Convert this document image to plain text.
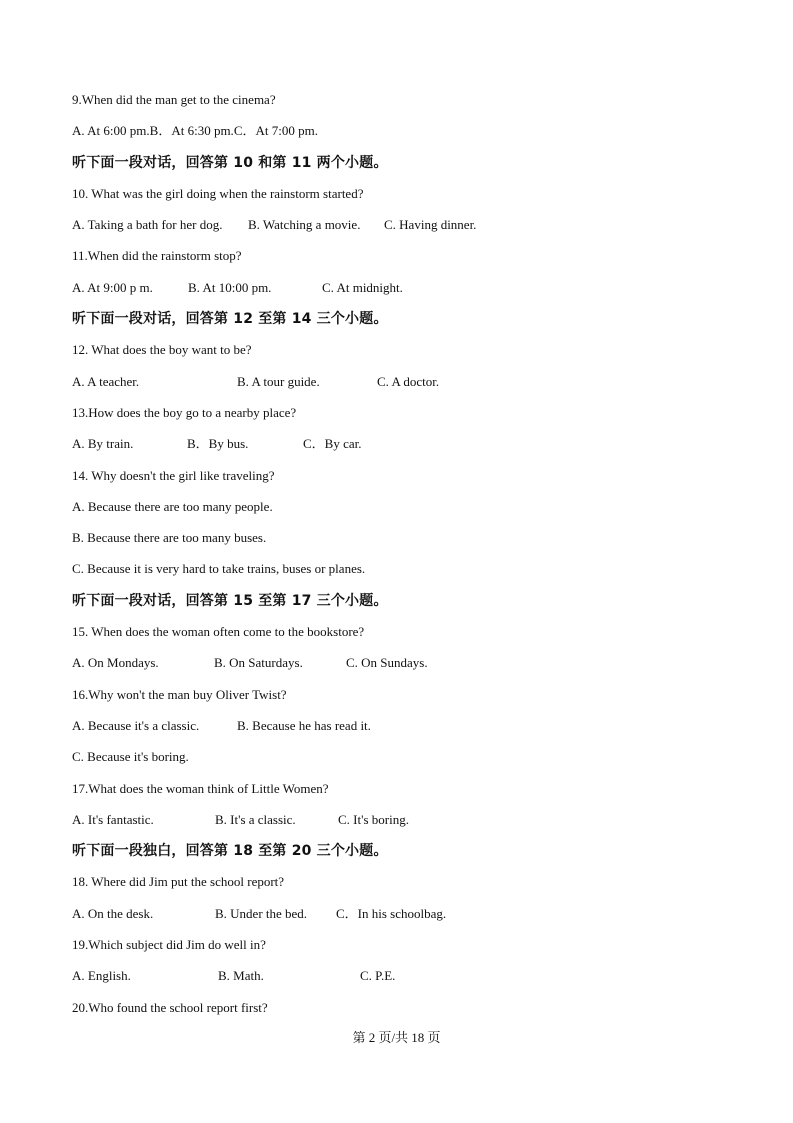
9.When did the man get to the cinema?
A. At 6:00 pm. B．At 6:30 pm. C．At 7:00 pm.
听下面一段对话，回答第 10 和第 11 两个小题。
10. What was the girl doing when the rainstorm started?
A. Taking a bath for her dog.	B. Watching a movie.	C. Having dinner.
11.When did the rainstorm stop?
A. At 9:00 p m.	B. At 10:00 pm.	C. At midnight.
听下面一段对话，回答第 12 至第 14 三个小题。
12. What does the boy want to be?
A. A teacher.	B. A tour guide.	C. A doctor.
13.How does the boy go to a nearby place?
A. By train.	B．By bus.	C．By car.
14. Why doesn't the girl like traveling?
A. Because there are too many people.
B. Because there are too many buses.
C. Because it is very hard to take trains, buses or planes.
听下面一段对话，回答第 15 至第 17 三个小题。
15. When does the woman often come to the bookstore?
A. On Mondays.	B. On Saturdays.	C. On Sundays.
16.Why won't the man buy Oliver Twist?
A. Because it's a classic.	B. Because he has read it.
C. Because it's boring.
17.What does the woman think of Little Women?
A. It's fantastic.	B. It's a classic.	C. It's boring.
听下面一段独白，回答第 18 至第 20 三个小题。
18. Where did Jim put the school report?
A. On the desk.	B. Under the bed.	C．In his schoolbag.
19.Which subject did Jim do well in?
A. English.	B. Math.	C. P.E.
20.Who found the school report first?
第 2 页/共 18 页
